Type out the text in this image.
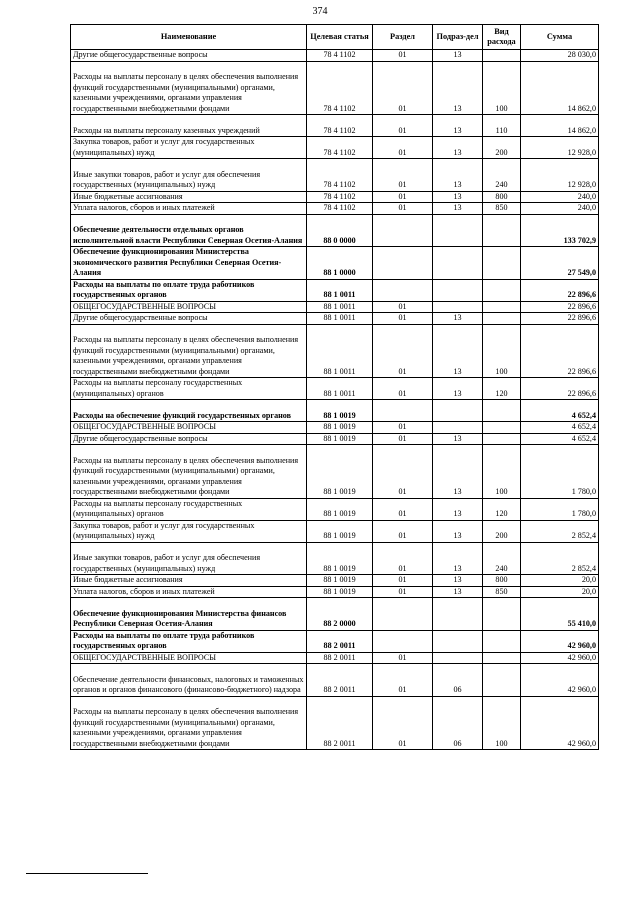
374
Наименование	Целевая статья	Раздел	Подраз-дел	Вид расхода	Сумма
Другие общегосударственные вопросы	78 4 1102	01	13		28 030,0
Расходы на выплаты персоналу в целях обеспечения выполнения функций государственными (муниципальными) органами, казенными учреждениями, органами управления государственными внебюджетными фондами	78 4 1102	01	13	100	14 862,0
Расходы на выплаты персоналу казенных учреждений	78 4 1102	01	13	110	14 862,0
Закупка товаров, работ и услуг для государственных (муниципальных) нужд	78 4 1102	01	13	200	12 928,0
Иные закупки товаров, работ и услуг для обеспечения государственных (муниципальных) нужд	78 4 1102	01	13	240	12 928,0
Иные бюджетные ассигнования	78 4 1102	01	13	800	240,0
Уплата налогов, сборов и иных платежей	78 4 1102	01	13	850	240,0
Обеспечение деятельности отдельных органов исполнительной власти Республики Северная Осетия-Алания	88 0 0000				133 702,9
Обеспечение функционирования Министерства экономического развития Республики Северная Осетия-Алания	88 1 0000				27 549,0
Расходы на выплаты по оплате труда работников государственных органов	88 1 0011				22 896,6
ОБЩЕГОСУДАРСТВЕННЫЕ ВОПРОСЫ	88 1 0011	01			22 896,6
Другие общегосударственные вопросы	88 1 0011	01	13		22 896,6
Расходы на выплаты персоналу в целях обеспечения выполнения функций государственными (муниципальными) органами, казенными учреждениями, органами управления государственными внебюджетными фондами	88 1 0011	01	13	100	22 896,6
Расходы на выплаты персоналу государственных (муниципальных) органов	88 1 0011	01	13	120	22 896,6
Расходы на обеспечение функций государственных органов	88 1 0019				4 652,4
ОБЩЕГОСУДАРСТВЕННЫЕ ВОПРОСЫ	88 1 0019	01			4 652,4
Другие общегосударственные вопросы	88 1 0019	01	13		4 652,4
Расходы на выплаты персоналу в целях обеспечения выполнения функций государственными (муниципальными) органами, казенными учреждениями, органами управления государственными внебюджетными фондами	88 1 0019	01	13	100	1 780,0
Расходы на выплаты персоналу государственных (муниципальных) органов	88 1 0019	01	13	120	1 780,0
Закупка товаров, работ и услуг для государственных (муниципальных) нужд	88 1 0019	01	13	200	2 852,4
Иные закупки товаров, работ и услуг для обеспечения государственных (муниципальных) нужд	88 1 0019	01	13	240	2 852,4
Иные бюджетные ассигнования	88 1 0019	01	13	800	20,0
Уплата налогов, сборов и иных платежей	88 1 0019	01	13	850	20,0
Обеспечение функционирования Министерства финансов Республики Северная Осетия-Алания	88 2 0000				55 410,0
Расходы на выплаты по оплате труда работников государственных органов	88 2 0011				42 960,0
ОБЩЕГОСУДАРСТВЕННЫЕ ВОПРОСЫ	88 2 0011	01			42 960,0
Обеспечение деятельности финансовых, налоговых и таможенных органов и органов финансового (финансово-бюджетного) надзора	88 2 0011	01	06		42 960,0
Расходы на выплаты персоналу в целях обеспечения выполнения функций государственными (муниципальными) органами, казенными учреждениями, органами управления государственными внебюджетными фондами	88 2 0011	01	06	100	42 960,0
